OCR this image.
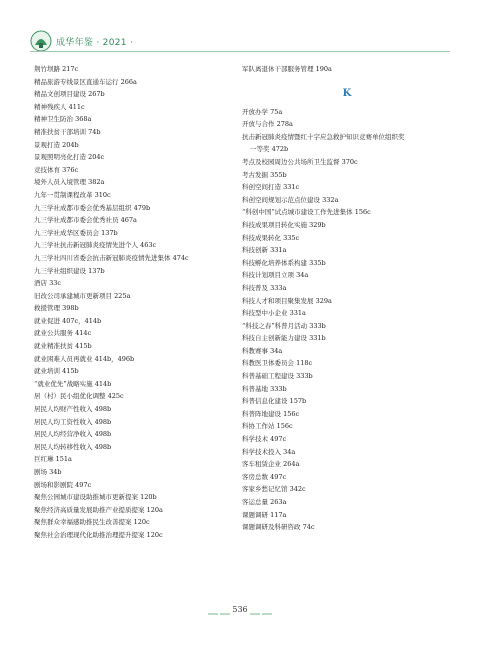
成华年鉴 · 2021 ·
荆竹坝路 217c
精品旅游专线景区直通车运行 266a
精品文创项目建设 267b
精神残疾人 411c
精神卫生防治 368a
精准扶贫干部培训 74b
景观打造 204b
景观照明亮化打造 204c
竞技体育 376c
境外人员入境管理 382a
九年一贯制课程改革 310c
九三学社成都市委会优秀基层组织 479b
九三学社成都市委会优秀社员 467a
九三学社成华区委员会 137b
九三学社抗击新冠肺炎疫情先进个人 463c
九三学社四川省委会抗击新冠肺炎疫情先进集体 474c
九三学社组织建设 137b
酒店 33c
旧改公司承建城市更新项目 225a
救援管理 398b
就业促进 407c，414b
就业公共服务 414c
就业精准扶贫 415b
就业困难人员再就业 414b，496b
就业培训 415b
“就业优先”战略实施 414b
居（村）民小组优化调整 425c
居民人均财产性收入 498b
居民人均工资性收入 498b
居民人均经营净收入 498b
居民人均转移性收入 498b
巨红琳 151a
剧场 34b
剧场和影剧院 497c
聚焦公园城市建设助推城市更新提案 120b
聚焦经济高质量发展助推产业提质提案 120a
聚焦群众幸福感助推民生改善提案 120c
聚焦社会治理现代化助推治理提升提案 120c
军队离退休干部服务管理 190a
K
开放办学 75a
开放与合作 278a
抗击新冠肺炎疫情暨红十字应急救护知识竞赛单位组织奖
一等奖 472b
考点及校园周边公共场所卫生监督 370c
考古发掘 355b
科创空间打造 331c
科创空间规划示范点位建设 332a
“科创中国”试点城市建设工作先进集体 156c
科技成果项目转化实施 329b
科技成果转化 335c
科技创新 331a
科技孵化培养体系构建 335b
科技计划项目立项 34a
科技普及 333a
科技人才和项目聚集发展 329a
科技型中小企业 331a
“科技之春”科普月活动 333b
科技自主创新能力建设 331b
科教赛事 34a
科教医卫体委员会 118c
科普基础工程建设 333b
科普基地 333b
科普信息化建设 157b
科普阵地建设 156c
科协工作站 156c
科学技术 497c
科学技术投入 34a
客车租赁企业 264a
客房总数 497c
客家乡愁记忆馆 342c
客运总量 263a
课题调研 117a
课题调研及科研咨政 74c
536
